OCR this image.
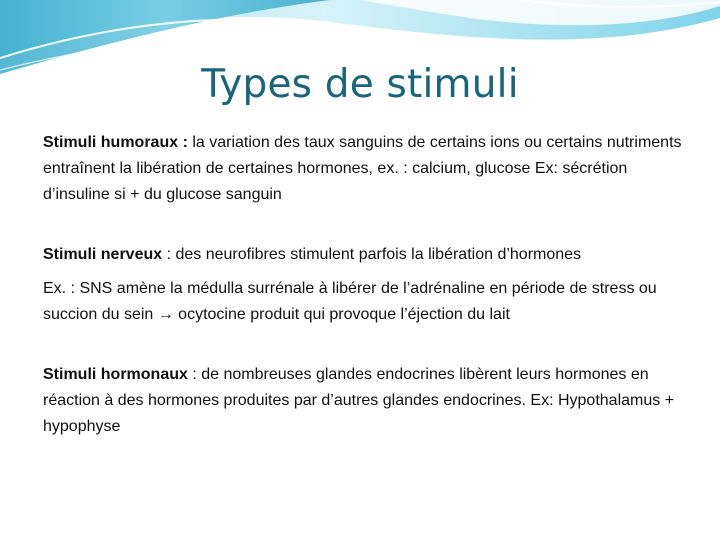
Types de stimuli

Stimuli humoraux : la variation des taux sanguins de certains ions ou certains nutriments entraînent la libération de certaines hormones, ex. : calcium, glucose Ex: sécrétion d’insuline si + du glucose sanguin

Stimuli nerveux : des neurofibres stimulent parfois la libération d’hormones

Ex. : SNS amène la médulla surrénale à libérer de l’adrénaline en période de stress ou succion du sein → ocytocine produit qui provoque l’éjection du lait

Stimuli hormonaux : de nombreuses glandes endocrines libèrent leurs hormones en réaction à des hormones produites par d’autres glandes endocrines. Ex: Hypothalamus + hypophyse
